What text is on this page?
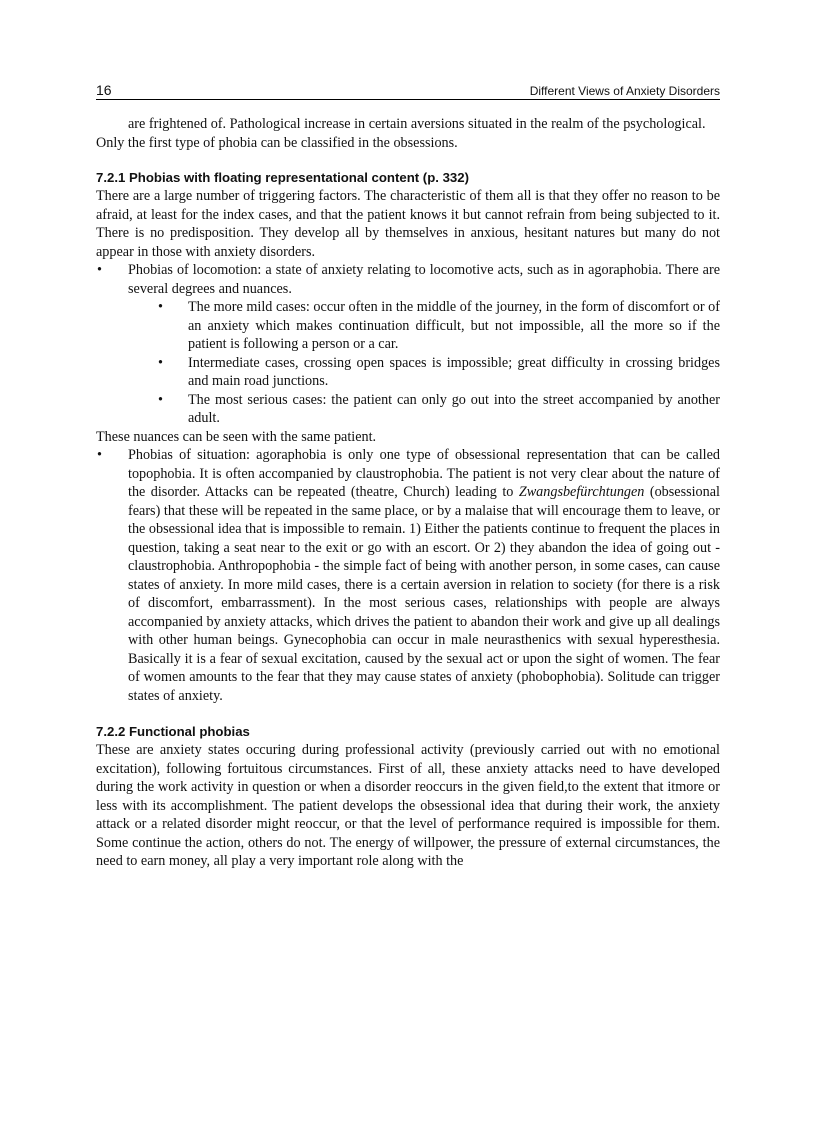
16	Different Views of Anxiety Disorders

are frightened of. Pathological increase in certain aversions situated in the realm of the psychological.

Only the first type of phobia can be classified in the obsessions.

7.2.1 Phobias with floating representational content (p. 332)

There are a large number of triggering factors. The characteristic of them all is that they offer no reason to be afraid, at least for the index cases, and that the patient knows it but cannot refrain from being subjected to it. There is no predisposition. They develop all by themselves in anxious, hesitant natures but many do not appear in those with anxiety disorders.

• Phobias of locomotion: a state of anxiety relating to locomotive acts, such as in agoraphobia. There are several degrees and nuances.
• The more mild cases: occur often in the middle of the journey, in the form of discomfort or of an anxiety which makes continuation difficult, but not impossible, all the more so if the patient is following a person or a car.
• Intermediate cases, crossing open spaces is impossible; great difficulty in crossing bridges and main road junctions.
• The most serious cases: the patient can only go out into the street accompanied by another adult.

These nuances can be seen with the same patient.

• Phobias of situation: agoraphobia is only one type of obsessional representation that can be called topophobia. It is often accompanied by claustrophobia. The patient is not very clear about the nature of the disorder. Attacks can be repeated (theatre, Church) leading to Zwangsbefürchtungen (obsessional fears) that these will be repeated in the same place, or by a malaise that will encourage them to leave, or the obsessional idea that is impossible to remain. 1) Either the patients continue to frequent the places in question, taking a seat near to the exit or go with an escort. Or 2) they abandon the idea of going out - claustrophobia. Anthropophobia - the simple fact of being with another person, in some cases, can cause states of anxiety. In more mild cases, there is a certain aversion in relation to society (for there is a risk of discomfort, embarrassment). In the most serious cases, relationships with people are always accompanied by anxiety attacks, which drives the patient to abandon their work and give up all dealings with other human beings. Gynecophobia can occur in male neurasthenics with sexual hyperesthesia. Basically it is a fear of sexual excitation, caused by the sexual act or upon the sight of women. The fear of women amounts to the fear that they may cause states of anxiety (phobophobia). Solitude can trigger states of anxiety.
7.2.2 Functional phobias

These are anxiety states occuring during professional activity (previously carried out with no emotional excitation), following fortuitous circumstances. First of all, these anxiety attacks need to have developed during the work activity in question or when a disorder reoccurs in the given field,to the extent that itmore or less with its accomplishment. The patient develops the obsessional idea that during their work, the anxiety attack or a related disorder might reoccur, or that the level of performance required is impossible for them. Some continue the action, others do not. The energy of willpower, the pressure of external circumstances, the need to earn money, all play a very important role along with the
